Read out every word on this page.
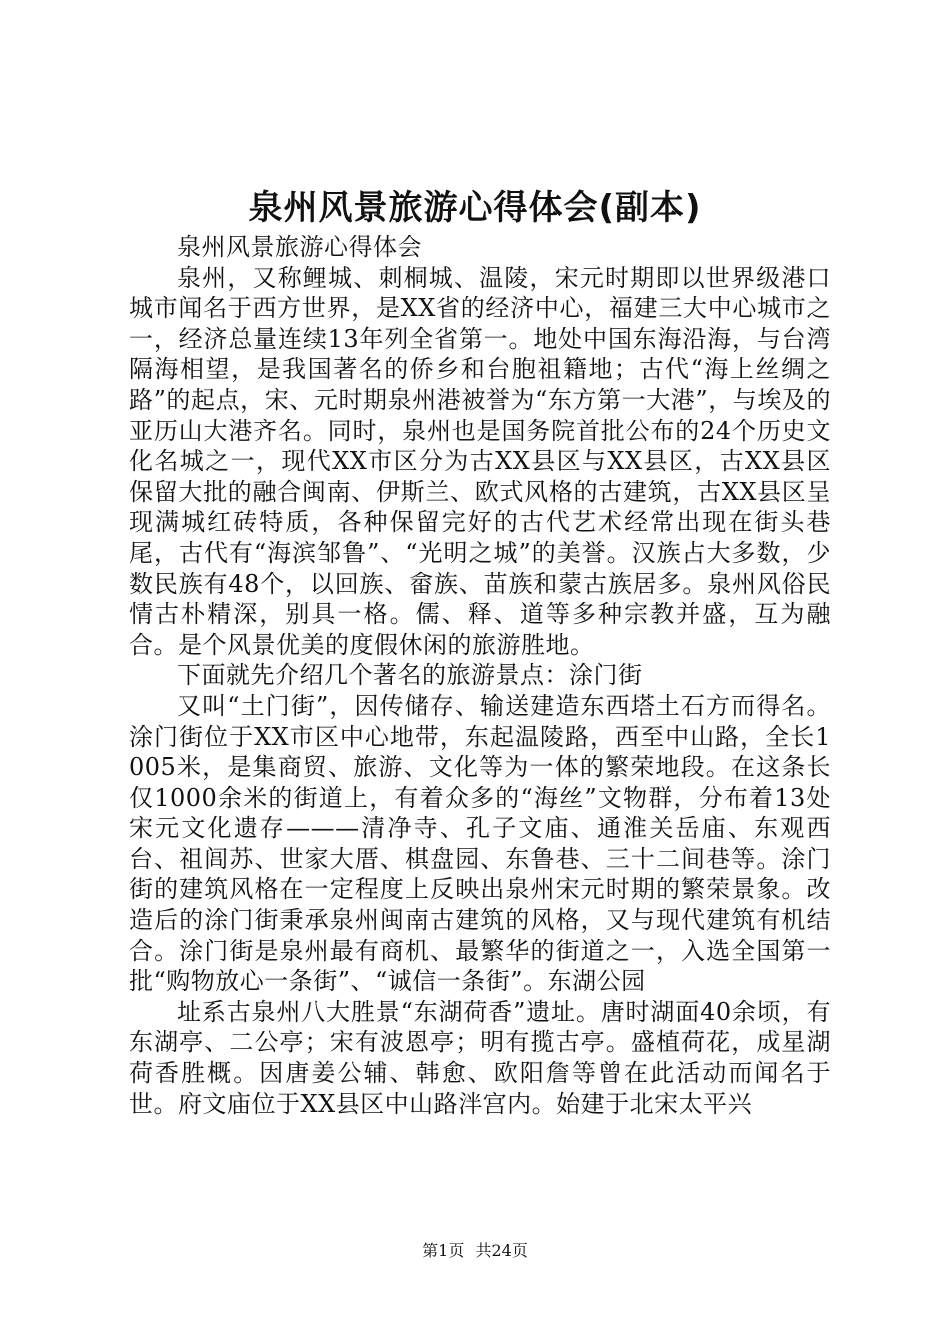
泉州风景旅游心得体会(副本)

泉州风景旅游心得体会

泉州，又称鲤城、刺桐城、温陵，宋元时期即以世界级港口城市闻名于西方世界，是XX省的经济中心，福建三大中心城市之一，经济总量连续13年列全省第一。地处中国东海沿海，与台湾隔海相望，是我国著名的侨乡和台胞祖籍地；古代“海上丝绸之路”的起点，宋、元时期泉州港被誉为“东方第一大港”，与埃及的亚历山大港齐名。同时，泉州也是国务院首批公布的24个历史文化名城之一，现代XX市区分为古XX县区与XX县区，古XX县区保留大批的融合闽南、伊斯兰、欧式风格的古建筑，古XX县区呈现满城红砖特质，各种保留完好的古代艺术经常出现在街头巷尾，古代有“海滨邹鲁”、“光明之城”的美誉。汉族占大多数，少数民族有48个，以回族、畲族、苗族和蒙古族居多。泉州风俗民情古朴精深，别具一格。儒、释、道等多种宗教并盛，互为融合。是个风景优美的度假休闲的旅游胜地。

下面就先介绍几个著名的旅游景点：涂门街

又叫“土门街”，因传储存、输送建造东西塔土石方而得名。涂门街位于XX市区中心地带，东起温陵路，西至中山路，全长1005米，是集商贸、旅游、文化等为一体的繁荣地段。在这条长仅1000余米的街道上，有着众多的“海丝”文物群，分布着13处宋元文化遗存———清净寺、孔子文庙、通淮关岳庙、东观西台、祖闾苏、世家大厝、棋盘园、东鲁巷、三十二间巷等。涂门街的建筑风格在一定程度上反映出泉州宋元时期的繁荣景象。改造后的涂门街秉承泉州闽南古建筑的风格，又与现代建筑有机结合。涂门街是泉州最有商机、最繁华的街道之一，入选全国第一批“购物放心一条街”、“诚信一条街”。东湖公园

址系古泉州八大胜景“东湖荷香”遗址。唐时湖面40余顷，有东湖亭、二公亭；宋有波恩亭；明有揽古亭。盛植荷花，成星湖荷香胜概。因唐姜公辅、韩愈、欧阳詹等曾在此活动而闻名于世。府文庙位于XX县区中山路泮宫内。始建于北宋太平兴

第1页 共24页
